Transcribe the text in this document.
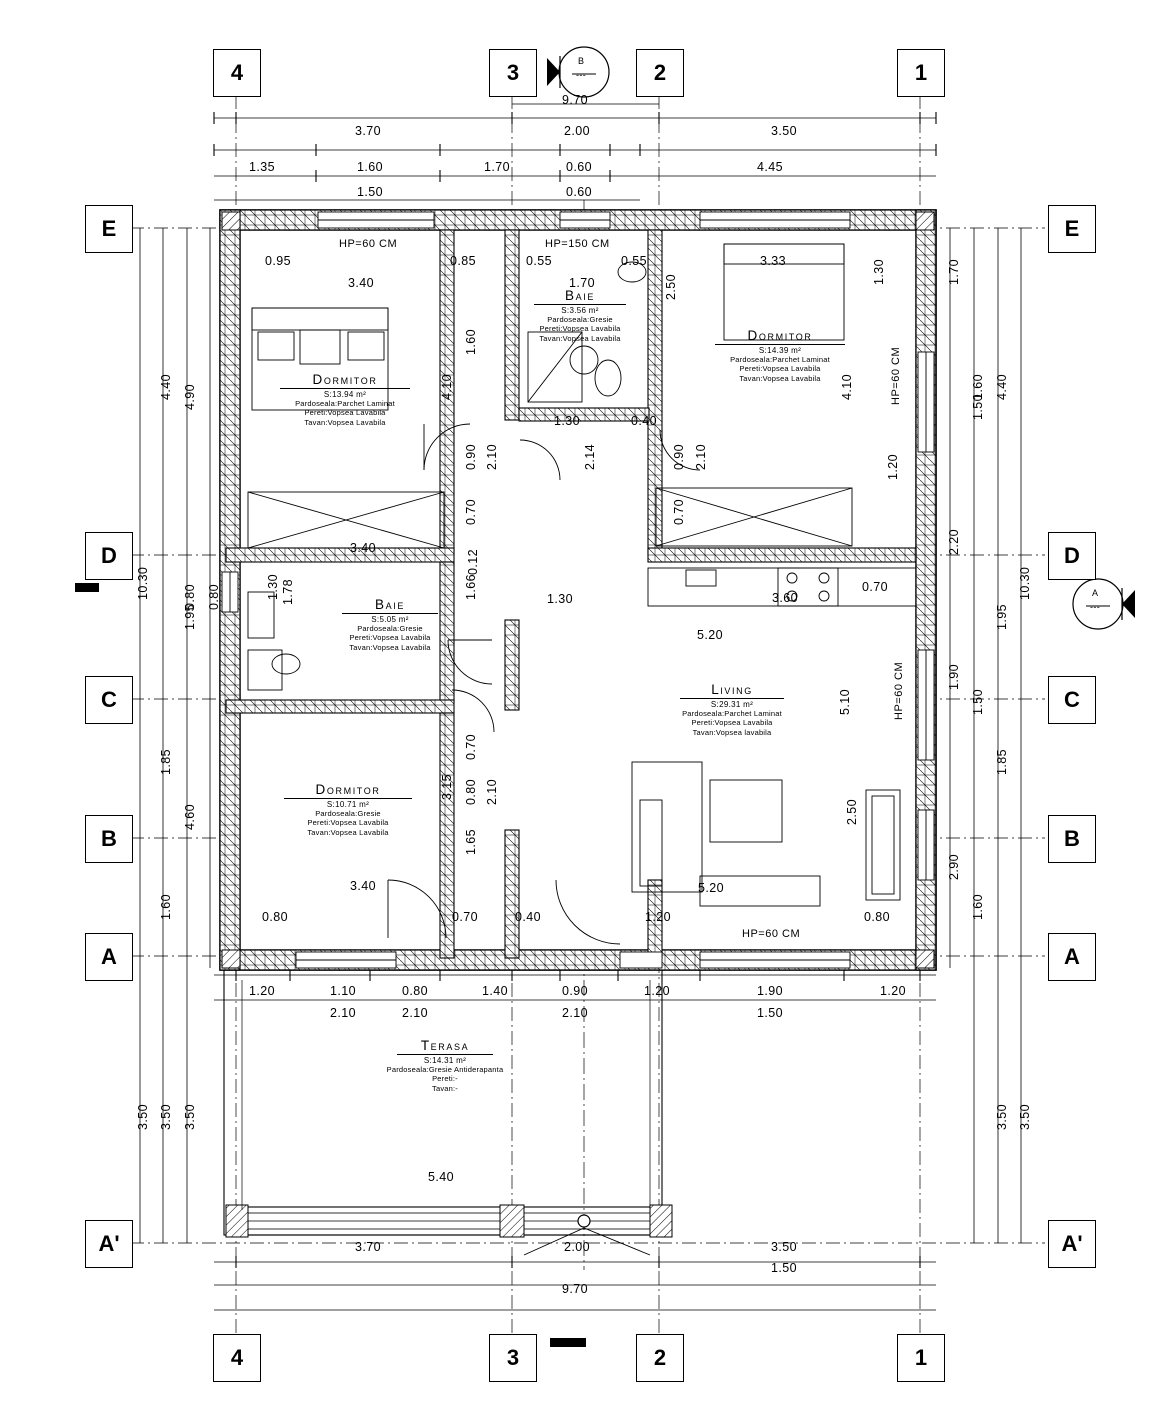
4	3	2	1
4	3	2	1
E
D
C
B
A
A'
E
D
C
B
A
A'
B
---
A
---
9.70
3.70	2.00	3.50
1.35	1.60	1.70	0.60	4.45
1.50	0.60
10.30
3.50
4.40
1.85
1.60
3.50
4.90
1.95
4.60
3.50
0.80 0.80
1.70
2.20
1.90
2.90
1.60
1.50
1.50
1.60
4.40
1.95
1.85
3.50
10.30
3.50
1.20	1.10	0.80	1.40	0.90	1.20	1.90	1.20
2.10	2.10	2.10	1.50
3.70	2.00	3.50
1.50
9.70
0.95
3.40
0.85	0.55	0.55
1.70
3.33	1.30
2.50
1.60
4.10	4.10
2.14
1.30	0.40
1.30
3.40
3.40
5.20
5.20
5.10
2.50
1.20
3.60
5.40
1.65
3.15
1.66
1.78
1.30
0.90 2.10
0.70
0.90 2.10
0.70
0.70
0.80 2.10
0.70	0.40	1.20	0.80
0.70
0.12
0.80
HP=60 CM	HP=150 CM
HP=60 CM
HP=60 CM
HP=60 CM
Dormitor
S:13.94 m²
Pardoseala:Parchet Laminat
Pereti:Vopsea Lavabila
Tavan:Vopsea Lavabila
Dormitor
S:14.39 m²
Pardoseala:Parchet Laminat
Pereti:Vopsea Lavabila
Tavan:Vopsea Lavabila
Dormitor
S:10.71 m²
Pardoseala:Gresie
Pereti:Vopsea Lavabila
Tavan:Vopsea Lavabila
Baie
S:3.56 m²
Pardoseala:Gresie
Pereti:Vopsea Lavabila
Tavan:Vopsea Lavabila
Baie
S:5.05 m²
Pardoseala:Gresie
Pereti:Vopsea Lavabila
Tavan:Vopsea Lavabila
Living
S:29.31 m²
Pardoseala:Parchet Laminat
Pereti:Vopsea Lavabila
Tavan:Vopsea lavabila
Terasa
S:14.31 m²
Pardoseala:Gresie Antiderapanta
Pereti:-
Tavan:-
